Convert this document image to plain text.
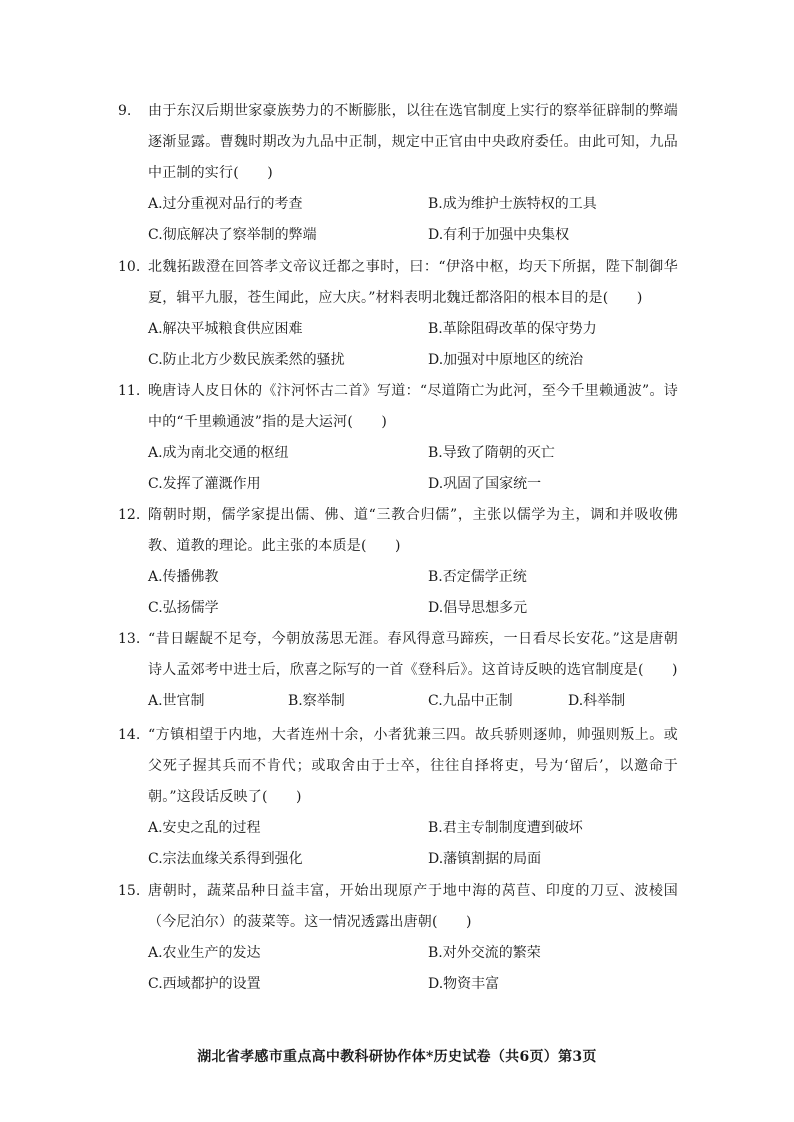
9.	由于东汉后期世家豪族势力的不断膨胀，以往在选官制度上实行的察举征辟制的弊端逐渐显露。曹魏时期改为九品中正制，规定中正官由中央政府委任。由此可知，九品中正制的实行(　　)
A.过分重视对品行的考查	B.成为维护士族特权的工具
C.彻底解决了察举制的弊端	D.有利于加强中央集权
10. 北魏拓跋澄在回答孝文帝议迁都之事时，曰：“伊洛中枢，均天下所据，陛下制御华夏，辑平九服，苍生闻此，应大庆。”材料表明北魏迁都洛阳的根本目的是(　　)
A.解决平城粮食供应困难	B.革除阻碍改革的保守势力
C.防止北方少数民族柔然的骚扰	D.加强对中原地区的统治
11. 晚唐诗人皮日休的《汴河怀古二首》写道：“尽道隋亡为此河，至今千里赖通波”。诗中的“千里赖通波”指的是大运河(　　)
A.成为南北交通的枢纽	B.导致了隋朝的灭亡
C.发挥了灌溉作用	D.巩固了国家统一
12. 隋朝时期，儒学家提出儒、佛、道“三教合归儒”，主张以儒学为主，调和并吸收佛教、道教的理论。此主张的本质是(　　)
A.传播佛教	B.否定儒学正统
C.弘扬儒学	D.倡导思想多元
13. “昔日龌龊不足夸，今朝放荡思无涯。春风得意马蹄疾，一日看尽长安花。”这是唐朝诗人孟郊考中进士后，欣喜之际写的一首《登科后》。这首诗反映的选官制度是(　　)
A.世官制	B.察举制	C.九品中正制	D.科举制
14. “方镇相望于内地，大者连州十余，小者犹兼三四。故兵骄则逐帅，帅强则叛上。或父死子握其兵而不肯代；或取舍由于士卒，往往自择将吏，号为‘留后’，以邀命于朝。”这段话反映了(　　)
A.安史之乱的过程	B.君主专制制度遭到破坏
C.宗法血缘关系得到强化	D.藩镇割据的局面
15. 唐朝时，蔬菜品种日益丰富，开始出现原产于地中海的莴苣、印度的刀豆、波棱国（今尼泊尔）的菠菜等。这一情况透露出唐朝(　　)
A.农业生产的发达	B.对外交流的繁荣
C.西域都护的设置	D.物资丰富
湖北省孝感市重点高中教科研协作体*历史试卷（共6页）第3页
